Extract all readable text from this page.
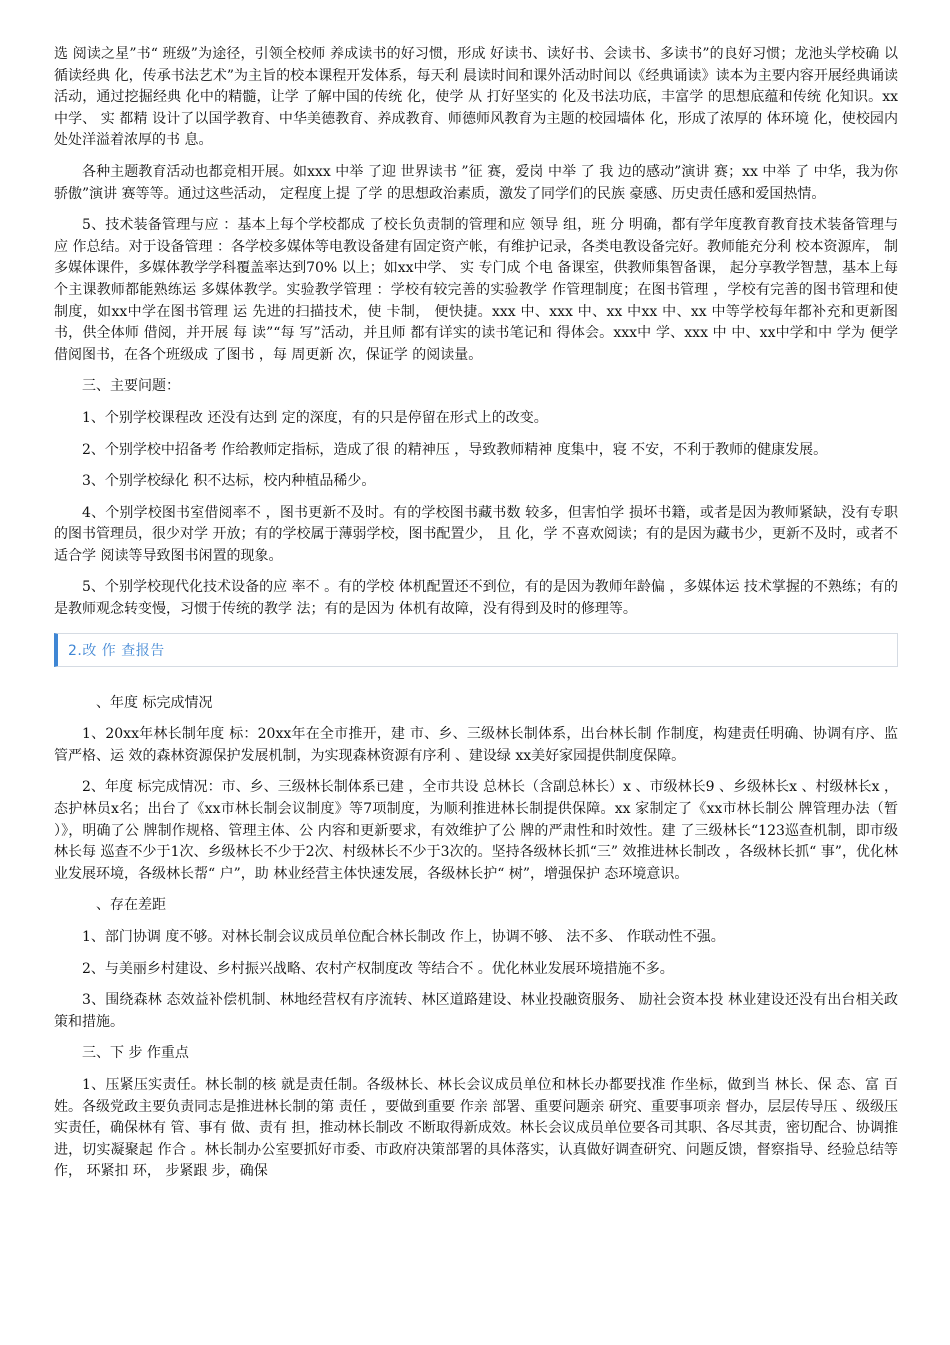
选 阅读之星”书“ 班级”为途径，引领全校师 养成读书的好习惯，形成 好读书、读好书、会读书、多读书”的良好习惯；龙池头学校确 以 循读经典 化，传承书法艺术”为主旨的校本课程开发体系，每天利 晨读时间和课外活动时间以《经典诵读》读本为主要内容开展经典诵读活动，通过挖掘经典 化中的精髓，让学 了解中国的传统 化，使学 从 打好坚实的 化及书法功底，丰富学 的思想底蕴和传统 化知识。xx中学、 实 都精 设计了以国学教育、中华美德教育、养成教育、师德师风教育为主题的校园墙体 化，形成了浓厚的 体环境 化，使校园内处处洋溢着浓厚的书 息。

各种主题教育活动也都竞相开展。如xxx 中举 了迎 世界读书 ”征 赛，爱岗 中举 了 我 边的感动”演讲 赛；xx 中举 了 中华，我为你骄傲”演讲 赛等等。通过这些活动， 定程度上提 了学 的思想政治素质，激发了同学们的民族 豪感、历史责任感和爱国热情。

5、技术装备管理与应 ：基本上每个学校都成 了校长负责制的管理和应 领导 组，班 分 明确，都有学年度教育教育技术装备管理与应 作总结。对于设备管理 ：各学校多媒体等电教设备建有固定资产帐，有维护记录，各类电教设备完好。教师能充分利 校本资源库， 制多媒体课件，多媒体教学学科覆盖率达到70% 以上；如xx中学、 实 专门成 个电 备课室，供教师集智备课， 起分享教学智慧，基本上每个主课教师都能熟练运 多媒体教学。实验教学管理 ：学校有较完善的实验教学 作管理制度；在图书管理 ，学校有完善的图书管理和使 制度，如xx中学在图书管理 运 先进的扫描技术，使 卡制， 便快捷。xxx 中、xxx 中、xx 中xx 中、xx 中等学校每年都补充和更新图书，供全体师 借阅，并开展 每 读”“每 写”活动，并且师 都有详实的读书笔记和 得体会。xxx中 学、xxx 中 中、xx中学和中 学为 便学 借阅图书，在各个班级成 了图书 ，每 周更新 次，保证学 的阅读量。

三、主要问题：

1、个别学校课程改 还没有达到 定的深度，有的只是停留在形式上的改变。

2、个别学校中招备考 作给教师定指标，造成了很 的精神压 ，导致教师精神 度集中，寝 不安，不利于教师的健康发展。

3、个别学校绿化 积不达标，校内种植品稀少。

4、个别学校图书室借阅率不 ，图书更新不及时。有的学校图书藏书数 较多，但害怕学 损坏书籍，或者是因为教师紧缺，没有专职的图书管理员，很少对学 开放；有的学校属于薄弱学校，图书配置少， 且 化，学 不喜欢阅读；有的是因为藏书少，更新不及时，或者不适合学 阅读等导致图书闲置的现象。

5、个别学校现代化技术设备的应 率不 。有的学校 体机配置还不到位，有的是因为教师年龄偏 ，多媒体运 技术掌握的不熟练；有的是教师观念转变慢，习惯于传统的教学 法；有的是因为 体机有故障，没有得到及时的修理等。

2.改 作 查报告

、年度 标完成情况

1、20xx年林长制年度 标：20xx年在全市推开，建 市、乡、三级林长制体系，出台林长制 作制度，构建责任明确、协调有序、监管严格、运 效的森林资源保护发展机制，为实现森林资源有序利 、建设绿 xx美好家园提供制度保障。

2、年度 标完成情况：市、乡、三级林长制体系已建 ，全市共设 总林长（含副总林长）x 、市级林长9 、乡级林长x 、村级林长x ， 态护林员x名；出台了《xx市林长制会议制度》等7项制度，为顺利推进林长制提供保障。xx 家制定了《xx市林长制公 牌管理办法（暂 ）》，明确了公 牌制作规格、管理主体、公 内容和更新要求，有效维护了公 牌的严肃性和时效性。建 了三级林长“123巡查机制，即市级林长每 巡查不少于1次、乡级林长不少于2次、村级林长不少于3次的。坚持各级林长抓“三” 效推进林长制改 ，各级林长抓“ 事”，优化林业发展环境，各级林长帮“ 户”，助 林业经营主体快速发展，各级林长护“ 树”，增强保护 态环境意识。

、存在差距

1、部门协调 度不够。对林长制会议成员单位配合林长制改 作上，协调不够、 法不多、 作联动性不强。

2、与美丽乡村建设、乡村振兴战略、农村产权制度改 等结合不 。优化林业发展环境措施不多。

3、围绕森林 态效益补偿机制、林地经营权有序流转、林区道路建设、林业投融资服务、 励社会资本投 林业建设还没有出台相关政策和措施。

三、下 步 作重点

1、压紧压实责任。林长制的核 就是责任制。各级林长、林长会议成员单位和林长办都要找准 作坐标，做到当 林长、保 态、富 百姓。各级党政主要负责同志是推进林长制的第 责任 ，要做到重要 作亲 部署、重要问题亲 研究、重要事项亲 督办，层层传导压 、级级压实责任，确保林有 管、事有 做、责有 担，推动林长制改 不断取得新成效。林长会议成员单位要各司其职、各尽其责，密切配合、协调推进，切实凝聚起 作合 。林长制办公室要抓好市委、市政府决策部署的具体落实，认真做好调查研究、问题反馈，督察指导、经验总结等 作， 环紧扣 环， 步紧跟 步，确保
